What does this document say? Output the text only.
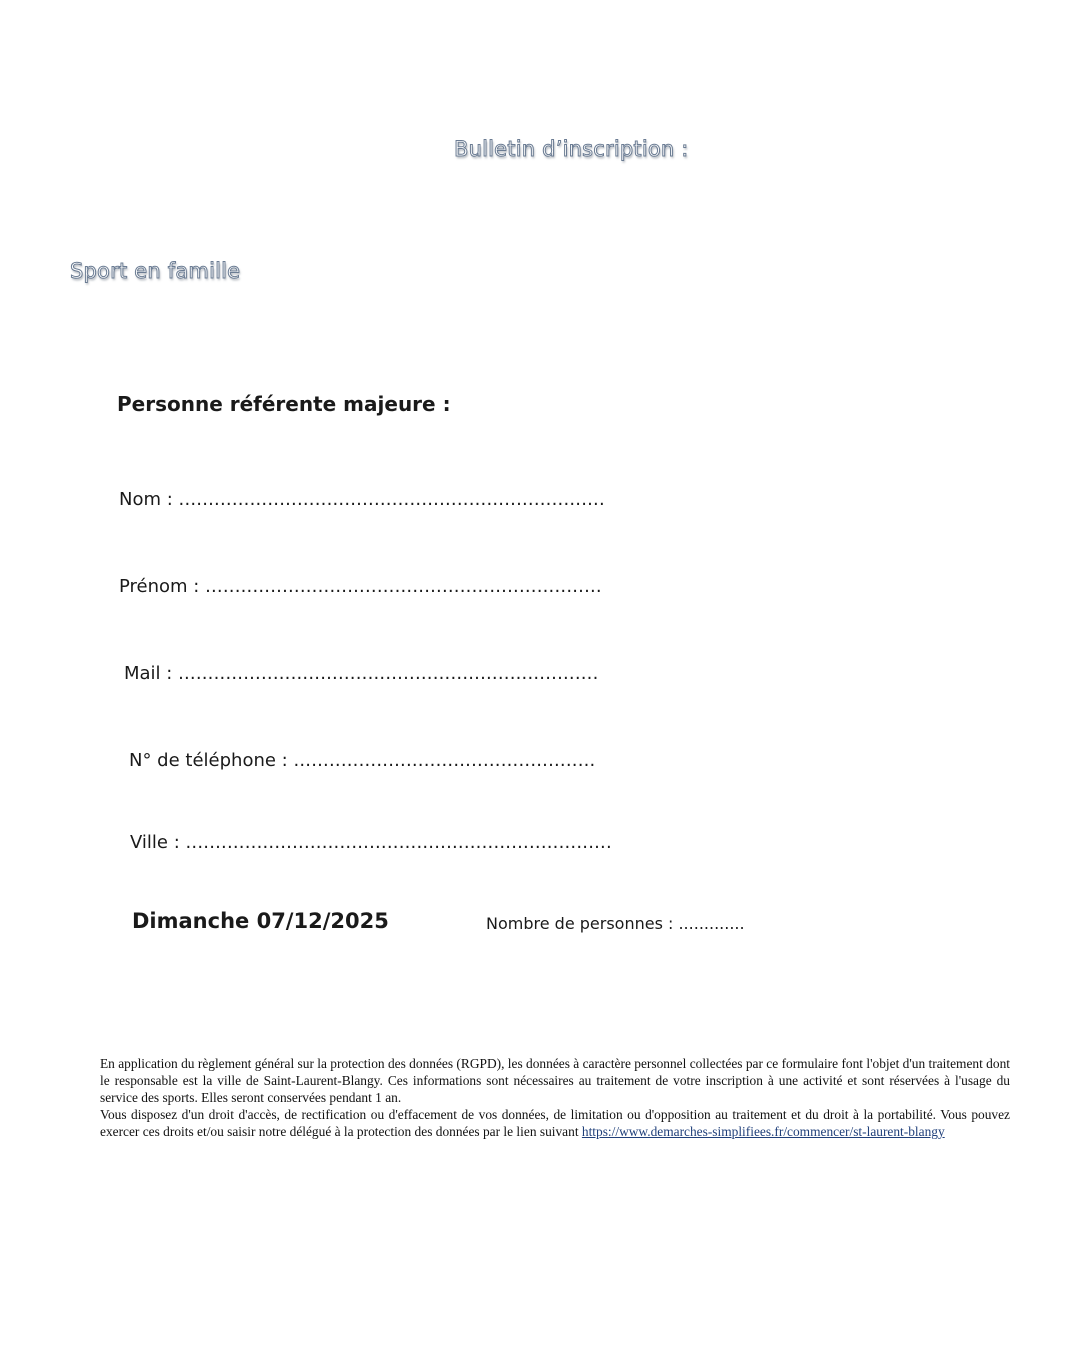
Bulletin d’inscription :
Sport en famille
Personne référente majeure :
Nom : ........................................................................
Prénom : ...................................................................
Mail : .......................................................................
N° de téléphone : ...................................................
Ville : ........................................................................
Dimanche 07/12/2025	Nombre de personnes : .............

En application du règlement général sur la protection des données (RGPD), les données à caractère personnel collectées par ce formulaire font l'objet d'un traitement dont le responsable est la ville de Saint-Laurent-Blangy. Ces informations sont nécessaires au traitement de votre inscription à une activité et sont réservées à l'usage du service des sports. Elles seront conservées pendant 1 an.

Vous disposez d'un droit d'accès, de rectification ou d'effacement de vos données, de limitation ou d'opposition au traitement et du droit à la portabilité. Vous pouvez exercer ces droits et/ou saisir notre délégué à la protection des données par le lien suivant https://www.demarches-simplifiees.fr/commencer/st-laurent-blangy
